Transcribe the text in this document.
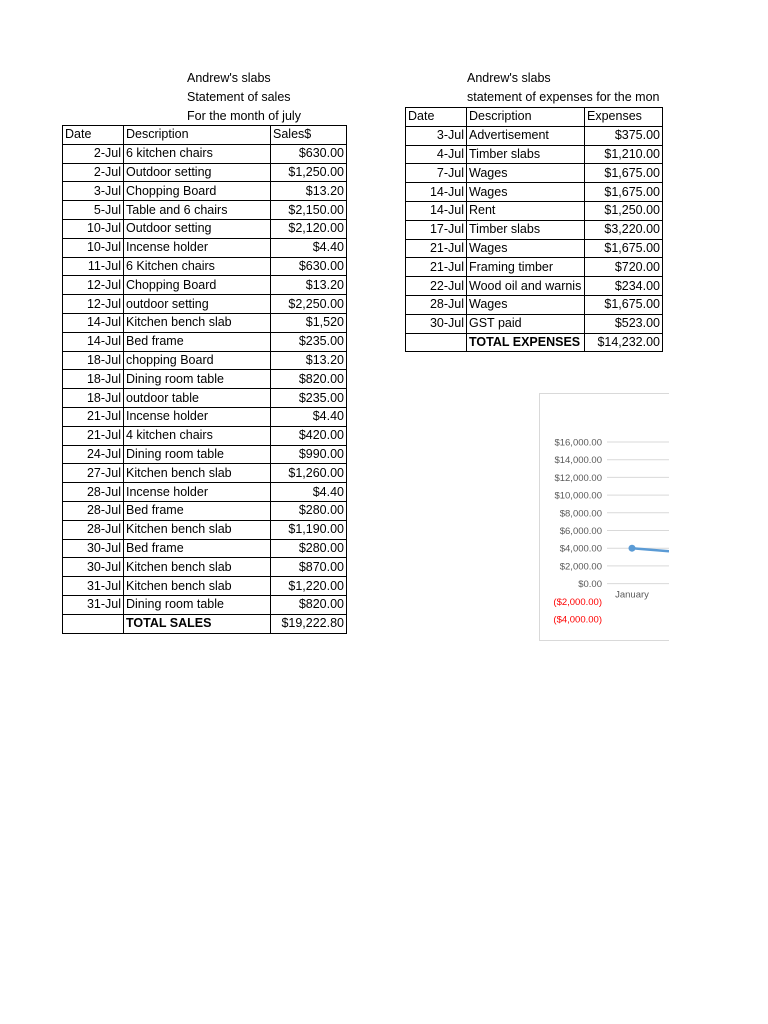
Andrew's slabs
Statement of sales
For the month of july
Andrew's slabs
statement of expenses for the mon
Date	Description	Sales$
2-Jul	6 kitchen chairs	$630.00
2-Jul	Outdoor setting	$1,250.00
3-Jul	Chopping Board	$13.20
5-Jul	Table and 6 chairs	$2,150.00
10-Jul	Outdoor setting	$2,120.00
10-Jul	Incense holder	$4.40
11-Jul	6 Kitchen chairs	$630.00
12-Jul	Chopping Board	$13.20
12-Jul	outdoor setting	$2,250.00
14-Jul	Kitchen bench slab	$1,520
14-Jul	Bed frame	$235.00
18-Jul	chopping Board	$13.20
18-Jul	Dining room table	$820.00
18-Jul	outdoor table	$235.00
21-Jul	Incense holder	$4.40
21-Jul	4 kitchen chairs	$420.00
24-Jul	Dining room table	$990.00
27-Jul	Kitchen bench slab	$1,260.00
28-Jul	Incense holder	$4.40
28-Jul	Bed frame	$280.00
28-Jul	Kitchen bench slab	$1,190.00
30-Jul	Bed frame	$280.00
30-Jul	Kitchen bench slab	$870.00
31-Jul	Kitchen bench slab	$1,220.00
31-Jul	Dining room table	$820.00
	TOTAL SALES	$19,222.80
Date	Description	Expenses
3-Jul	Advertisement	$375.00
4-Jul	Timber slabs	$1,210.00
7-Jul	Wages	$1,675.00
14-Jul	Wages	$1,675.00
14-Jul	Rent	$1,250.00
17-Jul	Timber slabs	$3,220.00
21-Jul	Wages	$1,675.00
21-Jul	Framing timber	$720.00
22-Jul	Wood oil and warnis	$234.00
28-Jul	Wages	$1,675.00
30-Jul	GST paid	$523.00
	TOTAL EXPENSES	$14,232.00
$16,000.00
$14,000.00
$12,000.00
$10,000.00
$8,000.00
$6,000.00
$4,000.00
$2,000.00
$0.00
($2,000.00)
($4,000.00)
January
